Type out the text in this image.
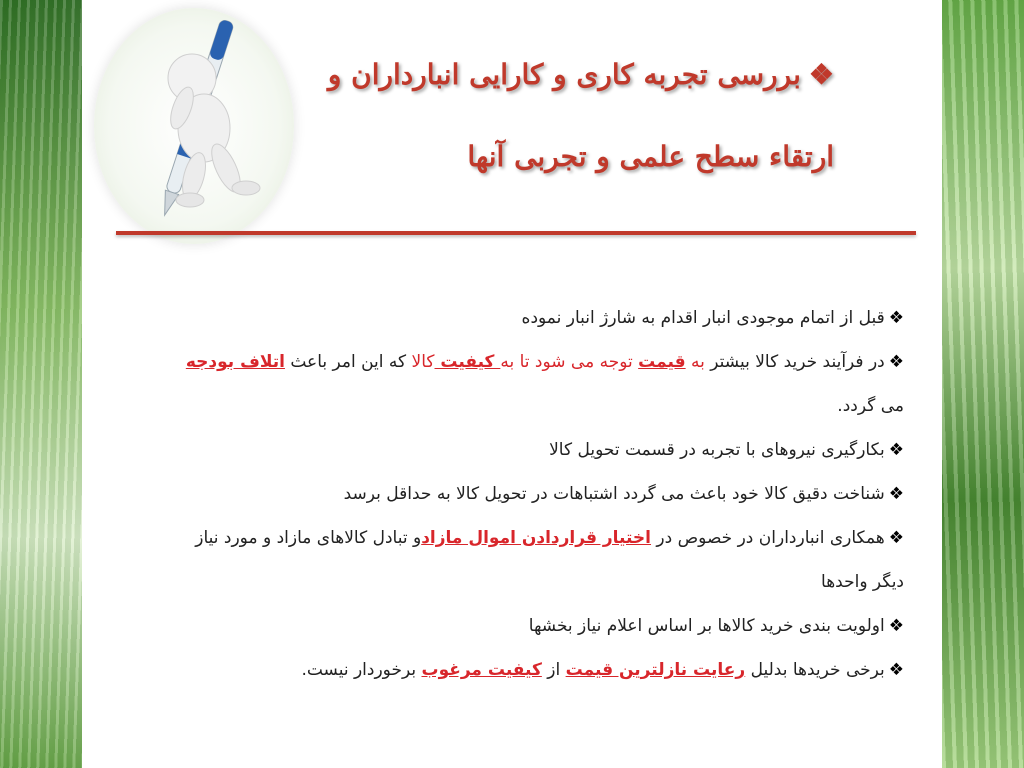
❖بررسی تجربه کاری و کارایی انبارداران و
ارتقاء سطح علمی و تجربی آنها

❖قبل از اتمام موجودی انبار اقدام به شارژ انبار نموده

❖در فرآیند خرید کالا بیشتر به قیمت توجه می شود تا به کیفیت کالا که این امر باعث اتلاف بودجه
می گردد.

❖بکارگیری نیروهای با تجربه در قسمت تحویل کالا

❖شناخت دقیق کالا خود باعث می گردد اشتباهات در تحویل کالا به حداقل برسد

❖همکاری انبارداران در خصوص در اختیار قراردادن اموال مازادو تبادل کالاهای مازاد و مورد نیاز
دیگر واحدها

❖اولویت بندی خرید کالاها بر اساس اعلام نیاز بخشها

❖برخی خریدها بدلیل رعایت نازلترین قیمت از کیفیت مرغوب برخوردار نیست.
